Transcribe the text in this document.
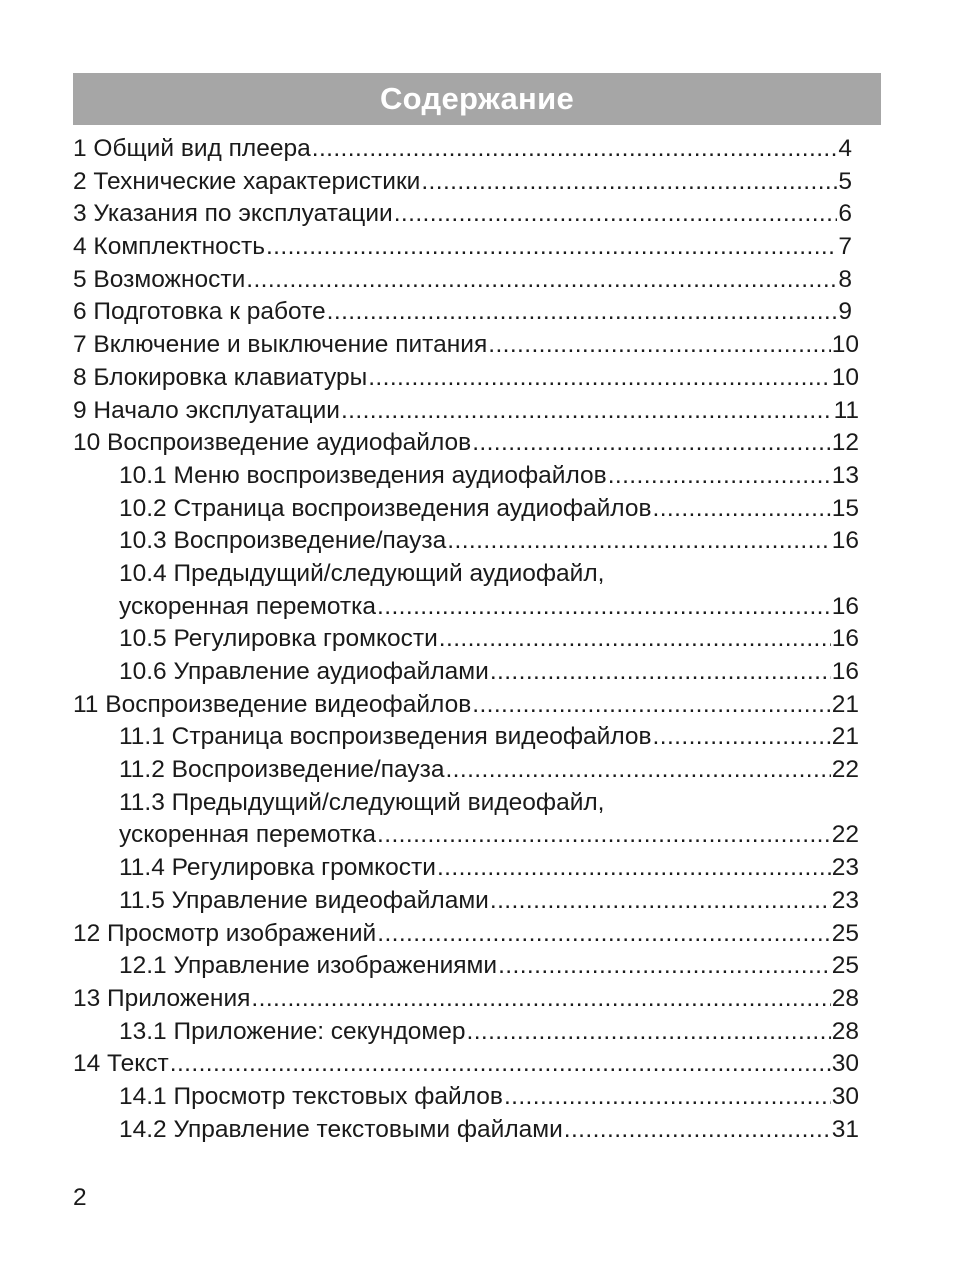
Содержание
1 Общий вид плеера .....	4
2 Технические характеристики .....	5
3 Указания по эксплуатации .....	6
4 Комплектность .....	7
5 Возможности .....	8
6 Подготовка к работе .....	9
7 Включение и выключение питания .....	10
8 Блокировка клавиатуры .....	10
9 Начало эксплуатации .....	11
10 Воспроизведение аудиофайлов .....	12
10.1 Меню воспроизведения аудиофайлов .....	13
10.2 Страница воспроизведения аудиофайлов .....	15
10.3 Воспроизведение/пауза .....	16
10.4 Предыдущий/следующий аудиофайл,
ускоренная перемотка .....	16
10.5 Регулировка громкости .....	16
10.6 Управление аудиофайлами .....	16
11 Воспроизведение видеофайлов .....	21
11.1 Страница воспроизведения видеофайлов .....	21
11.2 Воспроизведение/пауза .....	22
11.3 Предыдущий/следующий видеофайл,
ускоренная перемотка .....	22
11.4 Регулировка громкости .....	23
11.5 Управление видеофайлами .....	23
12 Просмотр изображений .....	25
12.1 Управление изображениями .....	25
13 Приложения .....	28
13.1 Приложение: секундомер .....	28
14 Текст .....	30
14.1 Просмотр текстовых файлов .....	30
14.2 Управление текстовыми файлами .....	31
2
